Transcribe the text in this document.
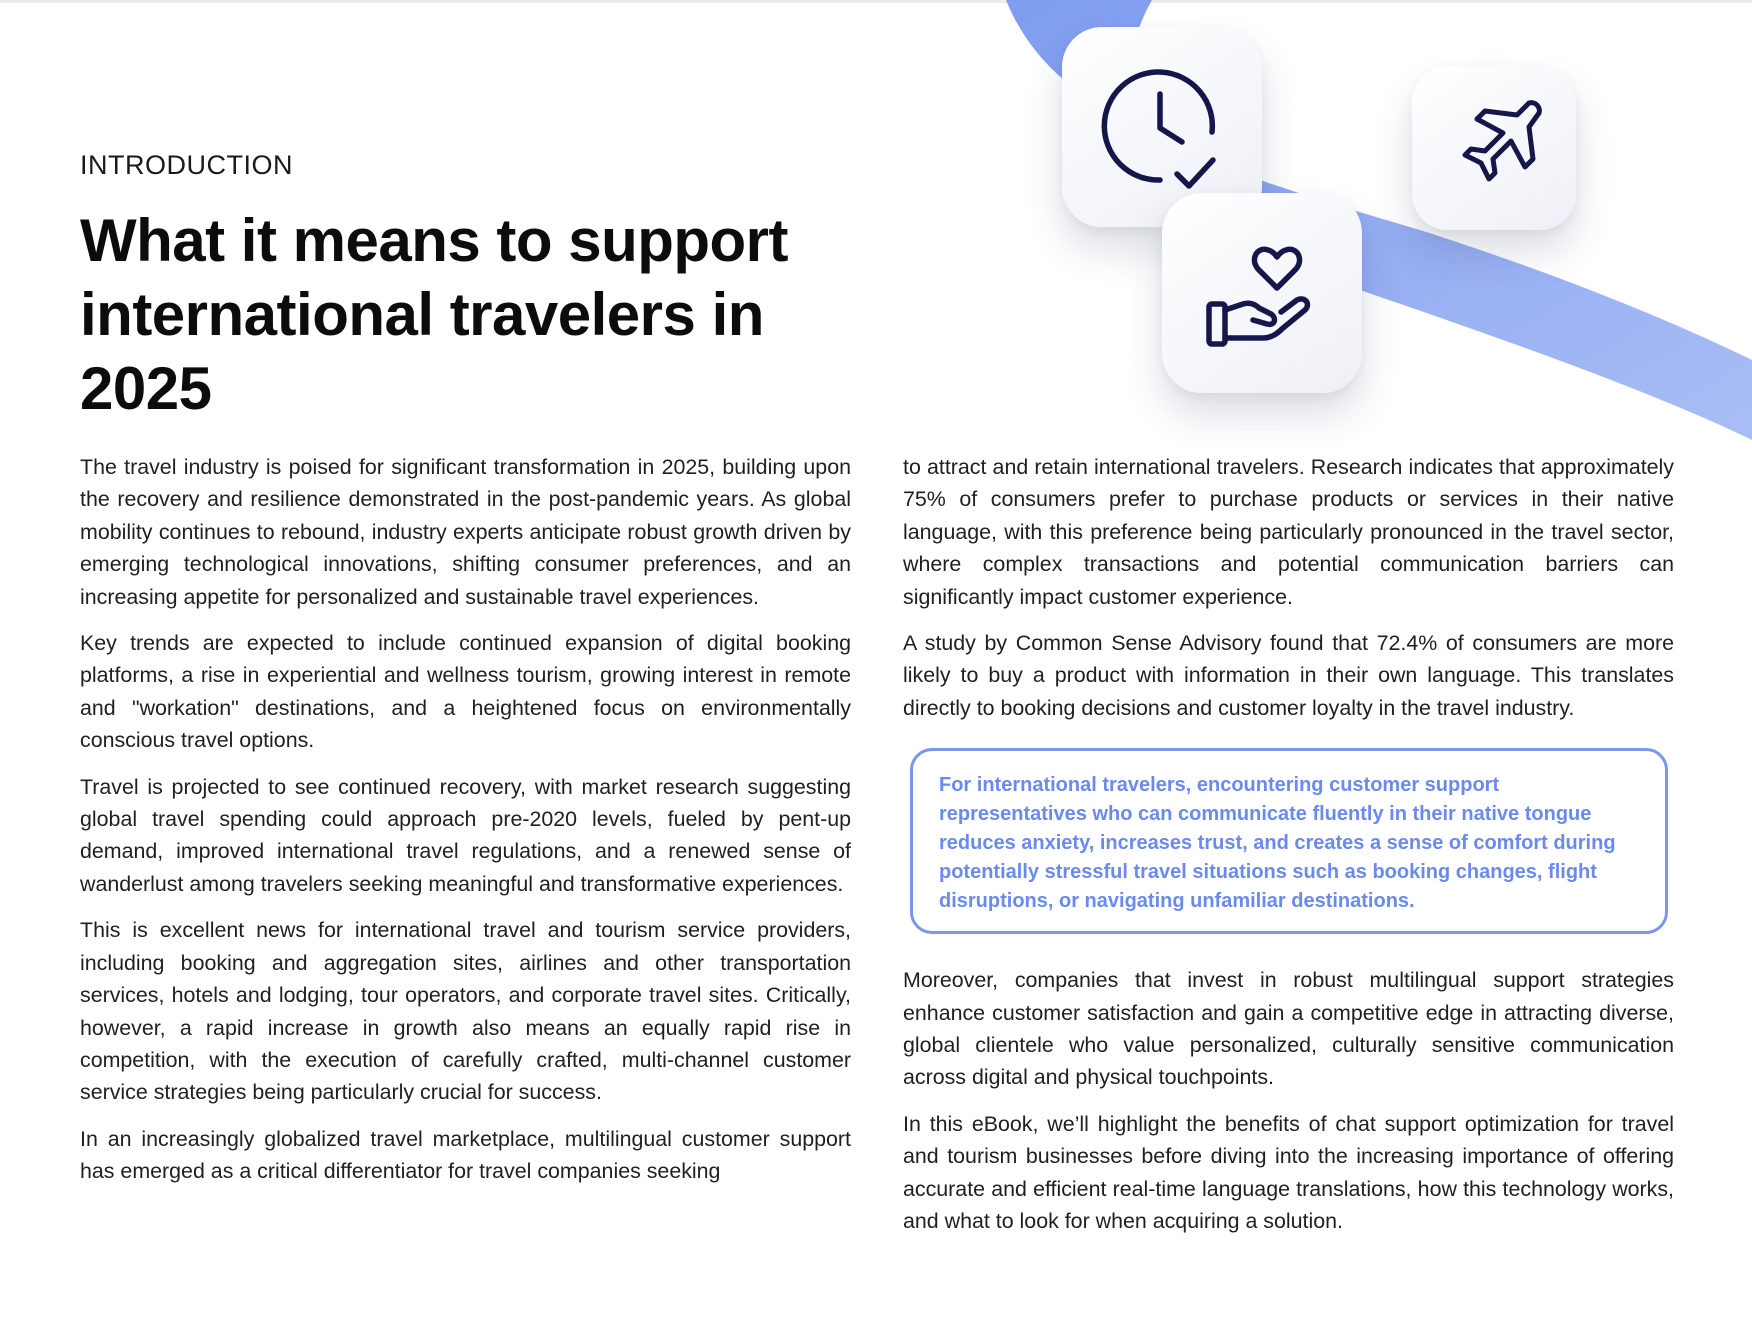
INTRODUCTION
What it means to support international travelers in 2025

The travel industry is poised for significant transformation in 2025, building upon the recovery and resilience demonstrated in the post-pandemic years. As global mobility continues to rebound, industry experts anticipate robust growth driven by emerging technological innovations, shifting consumer preferences, and an increasing appetite for personalized and sustainable travel experiences.

Key trends are expected to include continued expansion of digital booking platforms, a rise in experiential and wellness tourism, growing interest in remote and "workation" destinations, and a heightened focus on environmentally conscious travel options.

Travel is projected to see continued recovery, with market research suggesting global travel spending could approach pre-2020 levels, fueled by pent-up demand, improved international travel regulations, and a renewed sense of wanderlust among travelers seeking meaningful and transformative experiences.

This is excellent news for international travel and tourism service providers, including booking and aggregation sites, airlines and other transportation services, hotels and lodging, tour operators, and corporate travel sites. Critically, however, a rapid increase in growth also means an equally rapid rise in competition, with the execution of carefully crafted, multi-channel customer service strategies being particularly crucial for success.

In an increasingly globalized travel marketplace, multilingual customer support has emerged as a critical differentiator for travel companies seeking

to attract and retain international travelers. Research indicates that approximately 75% of consumers prefer to purchase products or services in their native language, with this preference being particularly pronounced in the travel sector, where complex transactions and potential communication barriers can significantly impact customer experience.

A study by Common Sense Advisory found that 72.4% of consumers are more likely to buy a product with information in their own language. This translates directly to booking decisions and customer loyalty in the travel industry.

For international travelers, encountering customer support representatives who can communicate fluently in their native tongue reduces anxiety, increases trust, and creates a sense of comfort during potentially stressful travel situations such as booking changes, flight disruptions, or navigating unfamiliar destinations.

Moreover, companies that invest in robust multilingual support strategies enhance customer satisfaction and gain a competitive edge in attracting diverse, global clientele who value personalized, culturally sensitive communication across digital and physical touchpoints.

In this eBook, we’ll highlight the benefits of chat support optimization for travel and tourism businesses before diving into the increasing importance of offering accurate and efficient real-time language translations, how this technology works, and what to look for when acquiring a solution.
